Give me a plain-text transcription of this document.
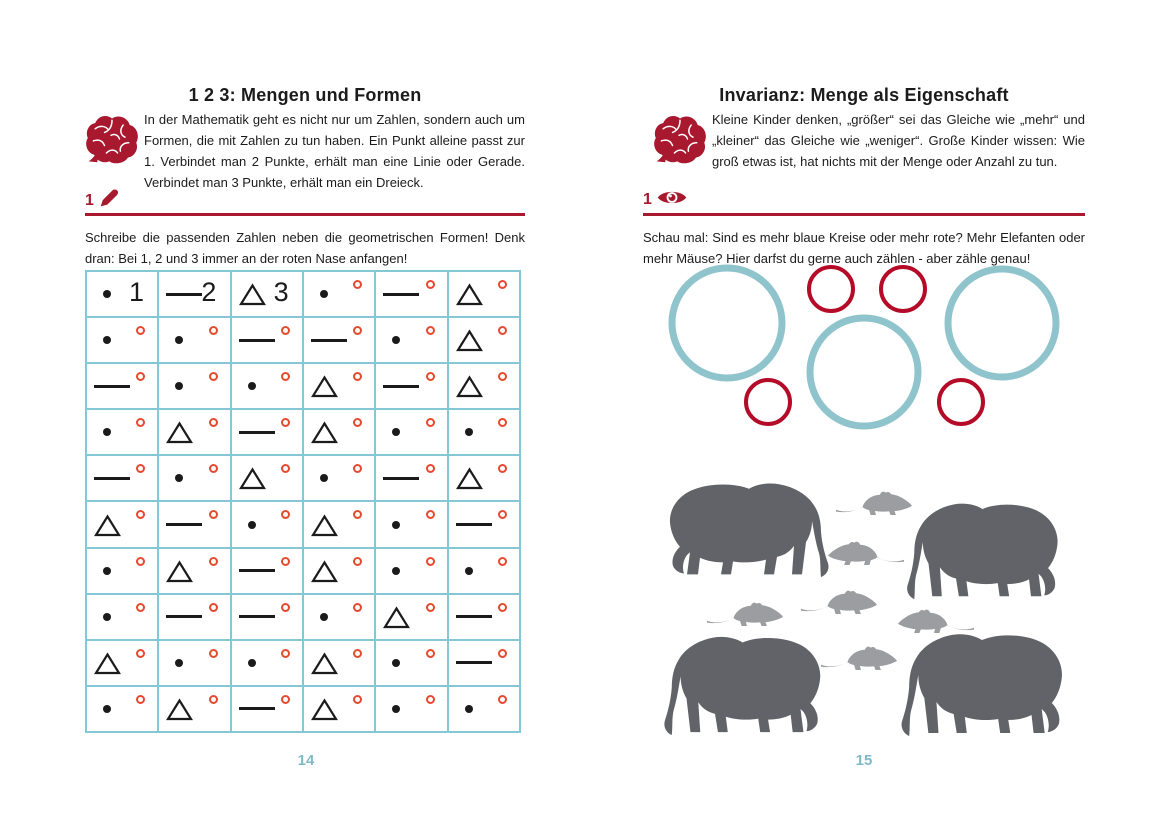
1 2 3: Mengen und Formen
In der Mathematik geht es nicht nur um Zahlen, sondern auch um Formen, die mit Zahlen zu tun haben. Ein Punkt alleine passt zur 1. Verbindet man 2 Punkte, erhält man eine Linie oder Gerade. Verbindet man 3 Punkte, erhält man ein Dreieck.
1
Schreibe die passenden Zahlen neben die geometrischen Formen! Denk dran: Bei 1, 2 und 3 immer an der roten Nase anfangen!
1 2 3
Invarianz: Menge als Eigenschaft
Kleine Kinder denken, „größer“ sei das Gleiche wie „mehr“ und „kleiner“ das Gleiche wie „weniger“. Große Kinder wissen: Wie groß etwas ist, hat nichts mit der Menge oder Anzahl zu tun.
1
Schau mal: Sind es mehr blaue Kreise oder mehr rote? Mehr Elefanten oder mehr Mäuse? Hier darfst du gerne auch zählen - aber zähle genau!
14	15
